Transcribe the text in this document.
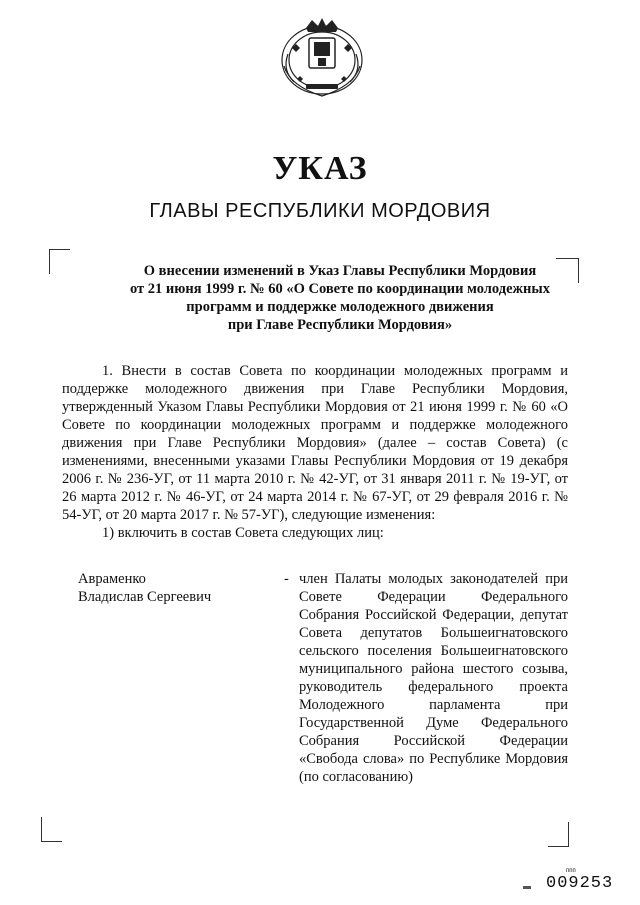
УКАЗ
ГЛАВЫ РЕСПУБЛИКИ МОРДОВИЯ
О внесении изменений в Указ Главы Республики Мордовия
от 21 июня 1999 г. № 60 «О Совете по координации молодежных
программ и поддержке молодежного движения
при Главе Республики Мордовия»

1. Внести в состав Совета по координации молодежных программ и поддержке молодежного движения при Главе Республики Мордовия, утвержденный Указом Главы Республики Мордовия от 21 июня 1999 г. № 60 «О Совете по координации молодежных программ и поддержке молодежного движения при Главе Республики Мордовия» (далее – состав Совета) (с изменениями, внесенными указами Главы Республики Мордовия от 19 декабря 2006 г. № 236-УГ, от 11 марта 2010 г. № 42-УГ, от 31 января 2011 г. № 19-УГ, от 26 марта 2012 г. № 46-УГ, от 24 марта 2014 г. № 67-УГ, от 29 февраля 2016 г. № 54-УГ, от 20 марта 2017 г. № 57-УГ), следующие изменения:

1) включить в состав Совета следующих лиц:

Авраменко
Владислав Сергеевич
- член Палаты молодых законодателей при Совете Федерации Федерального Собрания Российской Федерации, депутат Совета депутатов Большеигнатовского сельского поселения Большеигнатовского муниципального района шестого созыва, руководитель федерального проекта Молодежного парламента при Государственной Думе Федерального Собрания Российской Федерации «Свобода слова» по Республике Мордовия (по согласованию)
ппп
009253
